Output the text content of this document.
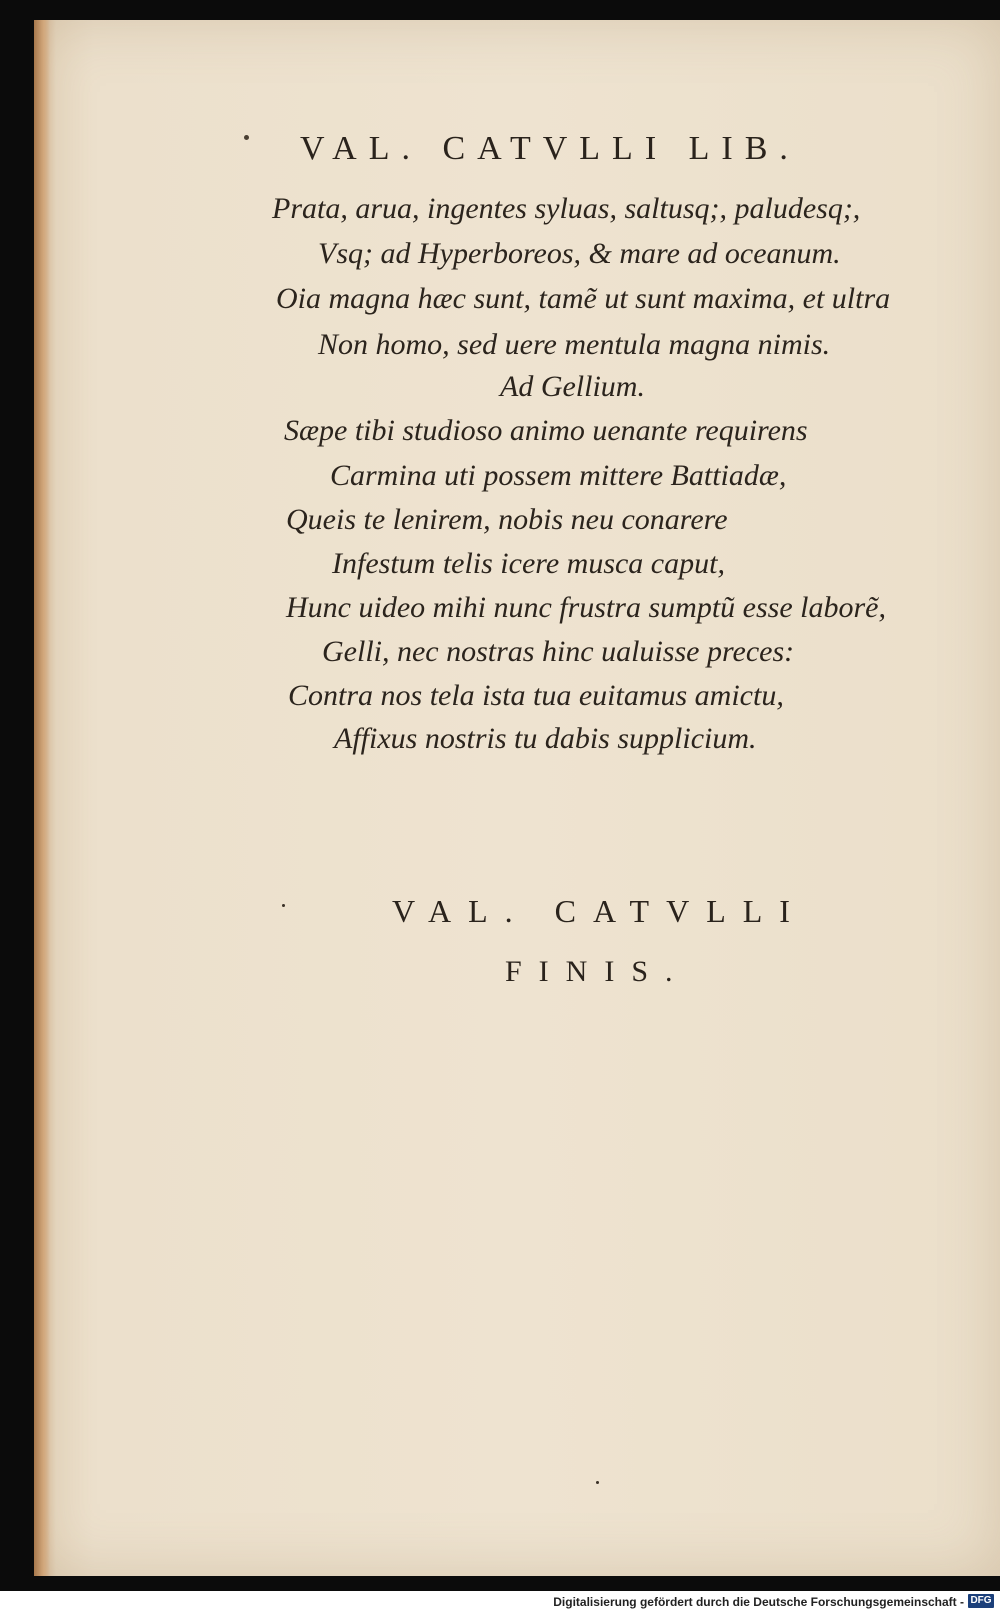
VAL. CATVLLI LIB.
Prata, arua, ingentes syluas, saltusq;, paludesq;,
Vsq; ad Hyperboreos, & mare ad oceanum.
Oia magna hæc sunt, tamẽ ut sunt maxima, et ultra
Non homo, sed uere mentula magna nimis.
Ad Gellium.
Sæpe tibi studioso animo uenante requirens
Carmina uti possem mittere Battiadæ,
Queis te lenirem, nobis neu conarere
Infestum telis icere musca caput,
Hunc uideo mihi nunc frustra sumptũ esse laborẽ,
Gelli, nec nostras hinc ualuisse preces:
Contra nos tela ista tua euitamus amictu,
Affixus nostris tu dabis supplicium.
VAL. CATVLLI
FINIS.
Digitalisierung gefördert durch die Deutsche Forschungsgemeinschaft - DFG
